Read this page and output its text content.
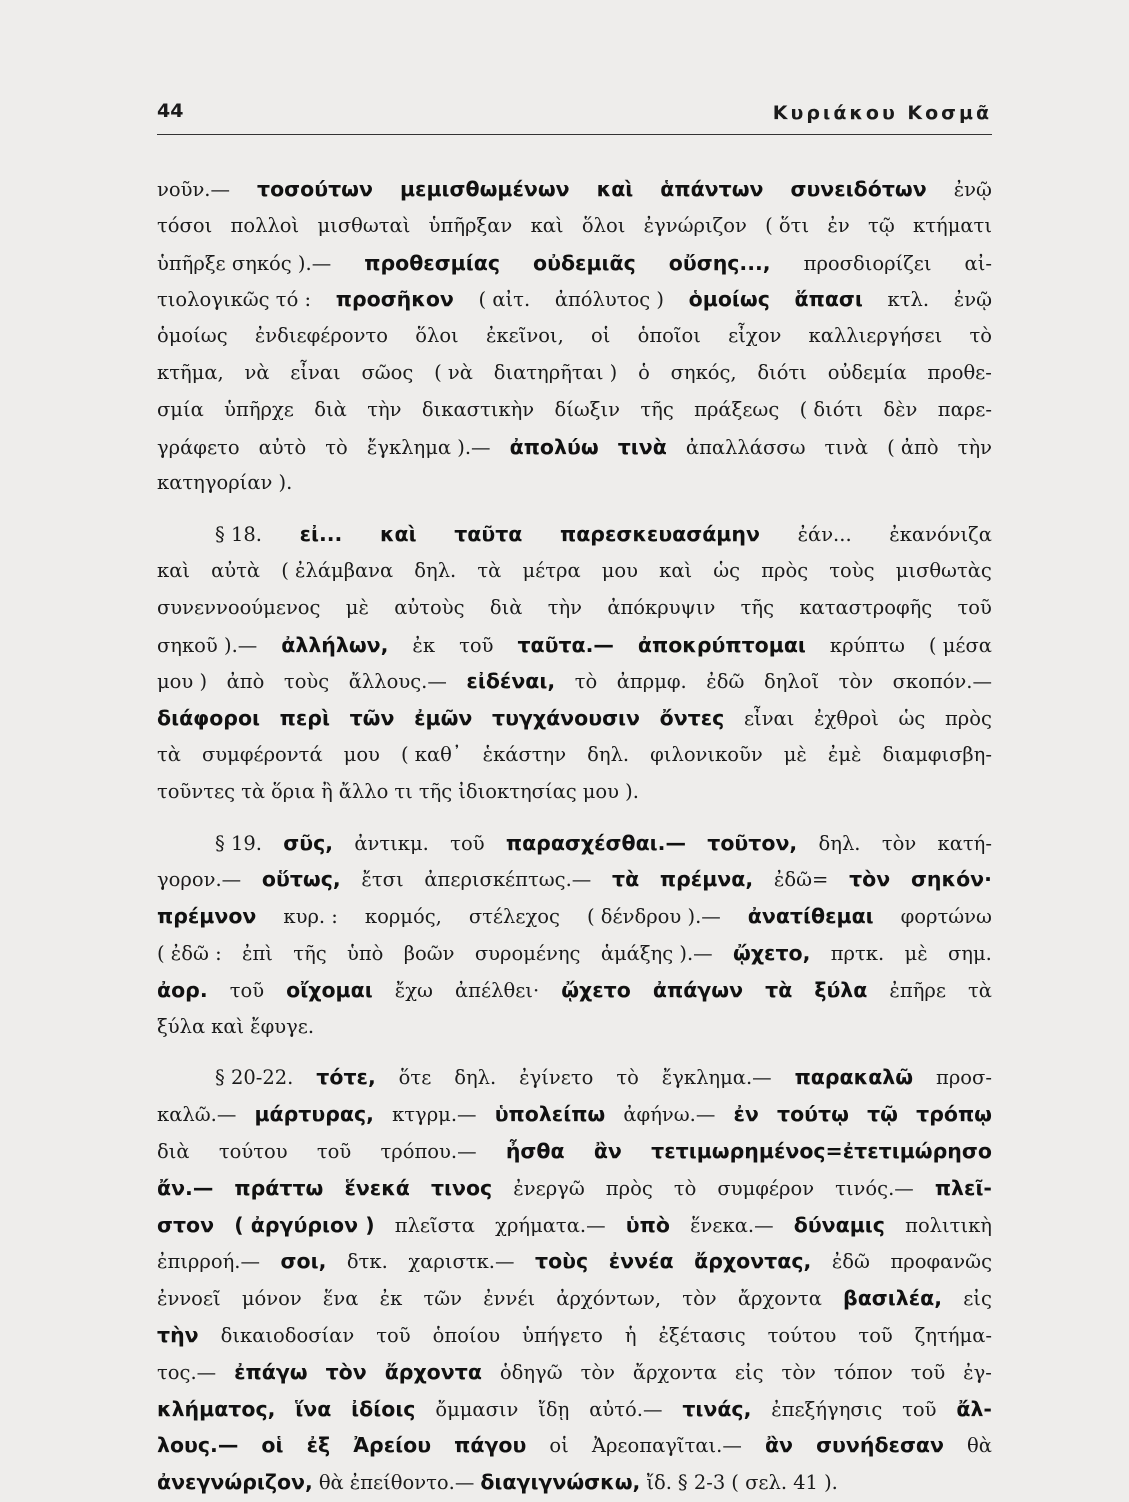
44	Κυριάκου Κοσμᾶ
νοῦν.— τοσούτων μεμισθωμένων καὶ ἁπάντων συνειδότων ἐνῷ
τόσοι πολλοὶ μισθωταὶ ὑπῆρξαν καὶ ὅλοι ἐγνώριζον ( ὅτι ἐν τῷ κτήματι
ὑπῆρξε σηκός ).— προθεσμίας οὐδεμιᾶς οὔσης..., προσδιορίζει αἰ-
τιολογικῶς τό : προσῆκον ( αἰτ. ἀπόλυτος ) ὁμοίως ἅπασι κτλ. ἐνῷ
ὁμοίως ἐνδιεφέροντο ὅλοι ἐκεῖνοι, οἱ ὁποῖοι εἶχον καλλιεργήσει τὸ
κτῆμα, νὰ εἶναι σῶος ( νὰ διατηρῆται ) ὁ σηκός, διότι οὐδεμία προθε-
σμία ὑπῆρχε διὰ τὴν δικαστικὴν δίωξιν τῆς πράξεως ( διότι δὲν παρε-
γράφετο αὐτὸ τὸ ἔγκλημα ).— ἀπολύω τινὰ ἀπαλλάσσω τινὰ ( ἀπὸ τὴν
κατηγορίαν ).
§ 18. εἰ... καὶ ταῦτα παρεσκευασάμην ἐάν... ἐκανόνιζα
καὶ αὐτὰ ( ἐλάμβανα δηλ. τὰ μέτρα μου καὶ ὡς πρὸς τοὺς μισθωτὰς
συνεννοούμενος μὲ αὐτοὺς διὰ τὴν ἀπόκρυψιν τῆς καταστροφῆς τοῦ
σηκοῦ ).— ἀλλήλων, ἐκ τοῦ ταῦτα.— ἀποκρύπτομαι κρύπτω ( μέσα
μου ) ἀπὸ τοὺς ἄλλους.— εἰδέναι, τὸ ἀπρμφ. ἐδῶ δηλοῖ τὸν σκοπόν.—
διάφοροι περὶ τῶν ἐμῶν τυγχάνουσιν ὄντες εἶναι ἐχθροὶ ὡς πρὸς
τὰ συμφέροντά μου ( καθ᾽ ἑκάστην δηλ. φιλονικοῦν μὲ ἐμὲ διαμφισβη-
τοῦντες τὰ ὅρια ἢ ἄλλο τι τῆς ἰδιοκτησίας μου ).
§ 19. σῦς, ἀντικμ. τοῦ παρασχέσθαι.— τοῦτον, δηλ. τὸν κατή-
γορον.— οὕτως, ἔτσι ἀπερισκέπτως.— τὰ πρέμνα, ἐδῶ= τὸν σηκόν·
πρέμνον κυρ. : κορμός, στέλεχος ( δένδρου ).— ἀνατίθεμαι φορτώνω
( ἐδῶ : ἐπὶ τῆς ὑπὸ βοῶν συρομένης ἁμάξης ).— ᾤχετο, πρτκ. μὲ σημ.
ἀορ. τοῦ οἴχομαι ἔχω ἀπέλθει· ᾤχετο ἀπάγων τὰ ξύλα ἐπῆρε τὰ
ξύλα καὶ ἔφυγε.
§ 20-22. τότε, ὅτε δηλ. ἐγίνετο τὸ ἔγκλημα.— παρακαλῶ προσ-
καλῶ.— μάρτυρας, κτγρμ.— ὑπολείπω ἀφήνω.— ἐν τούτῳ τῷ τρόπῳ
διὰ τούτου τοῦ τρόπου.— ἦσθα ἂν τετιμωρημένος=ἐτετιμώρησο
ἄν.— πράττω ἕνεκά τινος ἐνεργῶ πρὸς τὸ συμφέρον τινός.— πλεῖ-
στον ( ἀργύριον ) πλεῖστα χρήματα.— ὑπὸ ἕνεκα.— δύναμις πολιτικὴ
ἐπιρροή.— σοι, δτκ. χαριστκ.— τοὺς ἐννέα ἄρχοντας, ἐδῶ προφανῶς
ἐννοεῖ μόνον ἕνα ἐκ τῶν ἐννέι ἀρχόντων, τὸν ἄρχοντα βασιλέα, εἰς
τὴν δικαιοδοσίαν τοῦ ὁποίου ὑπήγετο ἡ ἐξέτασις τούτου τοῦ ζητήμα-
τος.— ἐπάγω τὸν ἄρχοντα ὁδηγῶ τὸν ἄρχοντα εἰς τὸν τόπον τοῦ ἐγ-
κλήματος, ἵνα ἰδίοις ὄμμασιν ἴδῃ αὐτό.— τινάς, ἐπεξήγησις τοῦ ἄλ-
λους.— οἱ ἐξ Ἀρείου πάγου οἱ Ἀρεοπαγῖται.— ἂν συνήδεσαν θὰ
ἀνεγνώριζον, θὰ ἐπείθοντο.— διαγιγνώσκω, ἴδ. § 2-3 ( σελ. 41 ).
